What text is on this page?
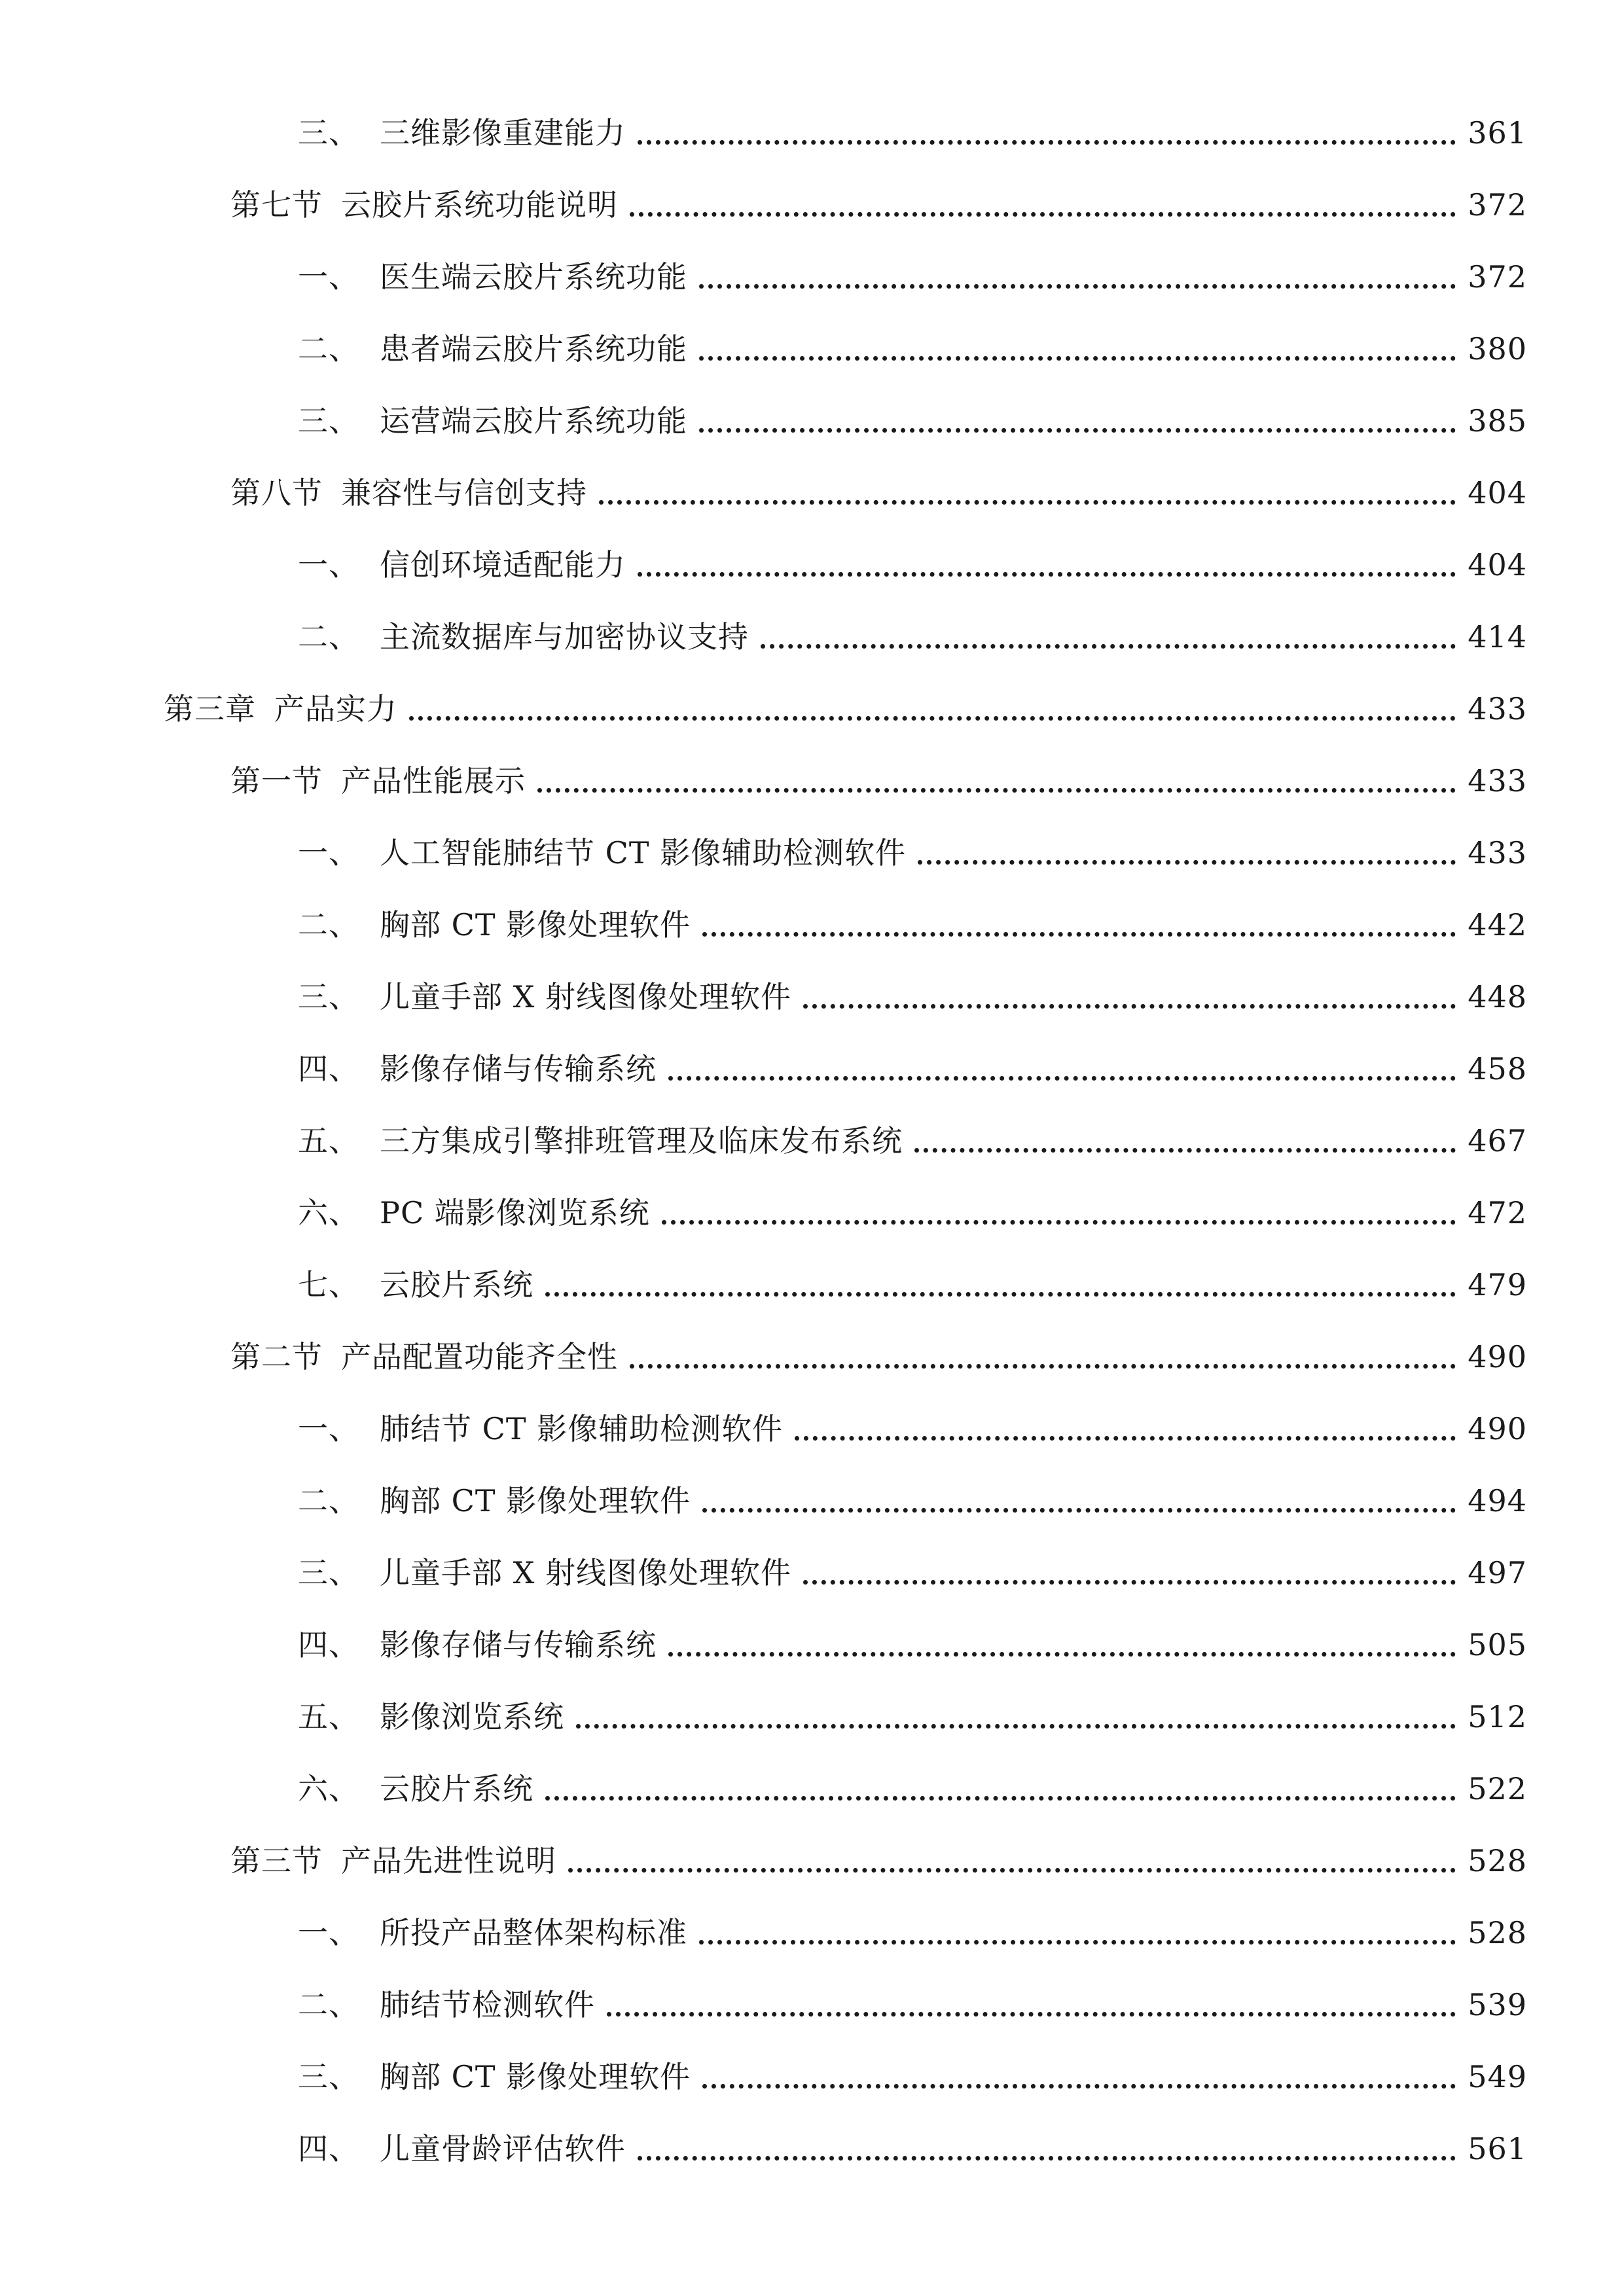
三、 三维影像重建能力	361
第七节 云胶片系统功能说明	372
一、 医生端云胶片系统功能	372
二、 患者端云胶片系统功能	380
三、 运营端云胶片系统功能	385
第八节 兼容性与信创支持	404
一、 信创环境适配能力	404
二、 主流数据库与加密协议支持	414
第三章 产品实力	433
第一节 产品性能展示	433
一、 人工智能肺结节 CT 影像辅助检测软件	433
二、 胸部 CT 影像处理软件	442
三、 儿童手部 X 射线图像处理软件	448
四、 影像存储与传输系统	458
五、 三方集成引擎排班管理及临床发布系统	467
六、 PC 端影像浏览系统	472
七、 云胶片系统	479
第二节 产品配置功能齐全性	490
一、 肺结节 CT 影像辅助检测软件	490
二、 胸部 CT 影像处理软件	494
三、 儿童手部 X 射线图像处理软件	497
四、 影像存储与传输系统	505
五、 影像浏览系统	512
六、 云胶片系统	522
第三节 产品先进性说明	528
一、 所投产品整体架构标准	528
二、 肺结节检测软件	539
三、 胸部 CT 影像处理软件	549
四、 儿童骨龄评估软件	561
